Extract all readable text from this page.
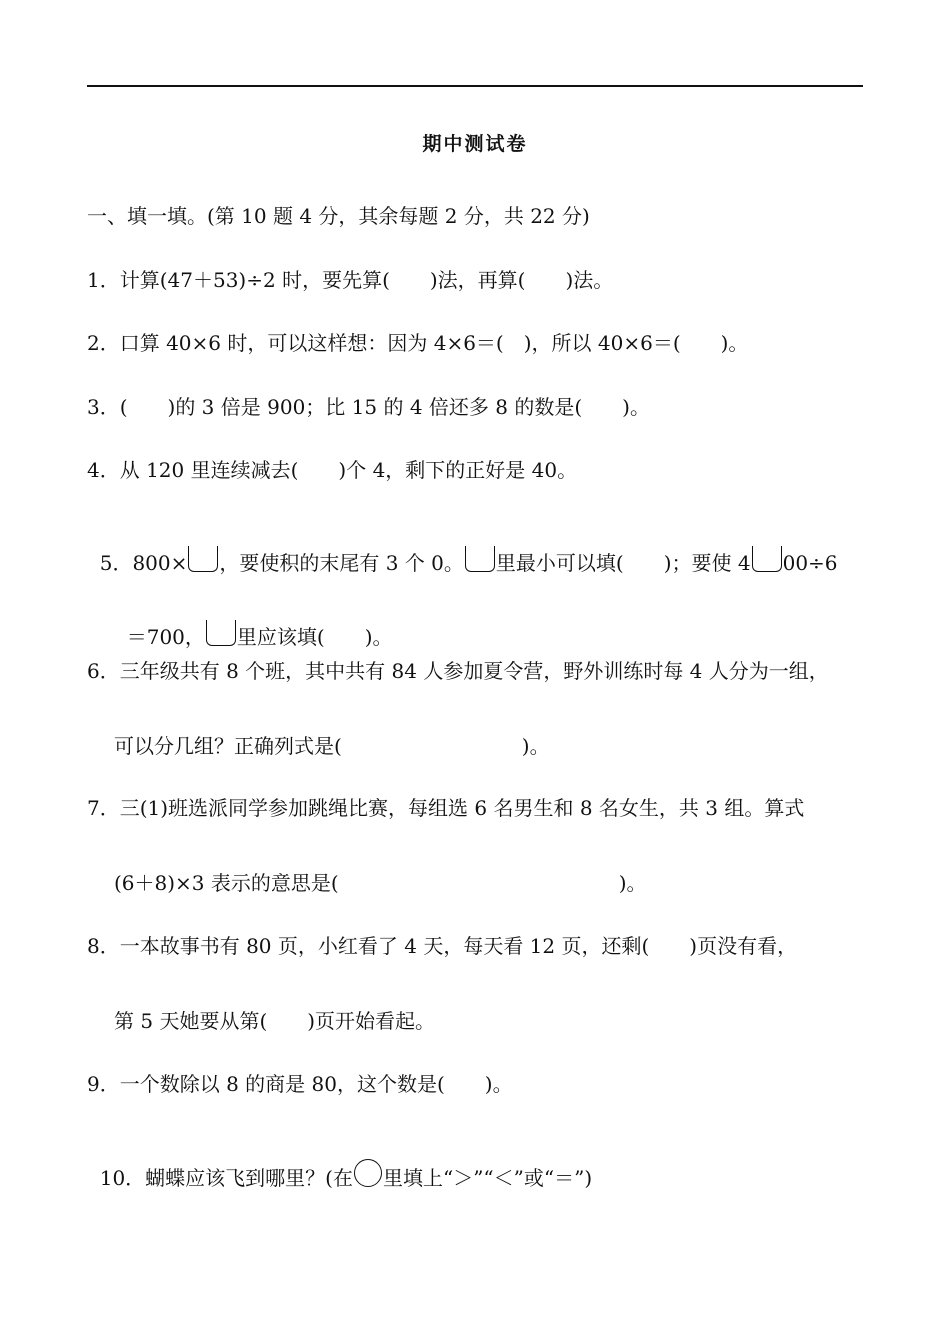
期中测试卷
一、填一填。(第 10 题 4 分，其余每题 2 分，共 22 分)
1．计算(47＋53)÷2 时，要先算(　　)法，再算(　　)法。
2．口算 40×6 时，可以这样想：因为 4×6＝(　)，所以 40×6＝(　　)。
3．(　　)的 3 倍是 900；比 15 的 4 倍还多 8 的数是(　　)。
4．从 120 里连续减去(　　)个 4，剩下的正好是 40。

5．800× ，要使积的末尾有 3 个 0。 里最小可以填(　　)；要使 4 00÷6

＝700， 里应该填(　　)。

6．三年级共有 8 个班，其中共有 84 人参加夏令营，野外训练时每 4 人分为一组，
可以分几组？正确列式是(　　　　　　　　　)。
7．三(1)班选派同学参加跳绳比赛，每组选 6 名男生和 8 名女生，共 3 组。算式
(6＋8)×3 表示的意思是(　　　　　　　　　　　　　　)。
8．一本故事书有 80 页，小红看了 4 天，每天看 12 页，还剩(　　)页没有看，
第 5 天她要从第(　　)页开始看起。
9．一个数除以 8 的商是 80，这个数是(　　)。

10．蝴蝶应该飞到哪里？(在 里填上“＞”“＜”或“＝”)
